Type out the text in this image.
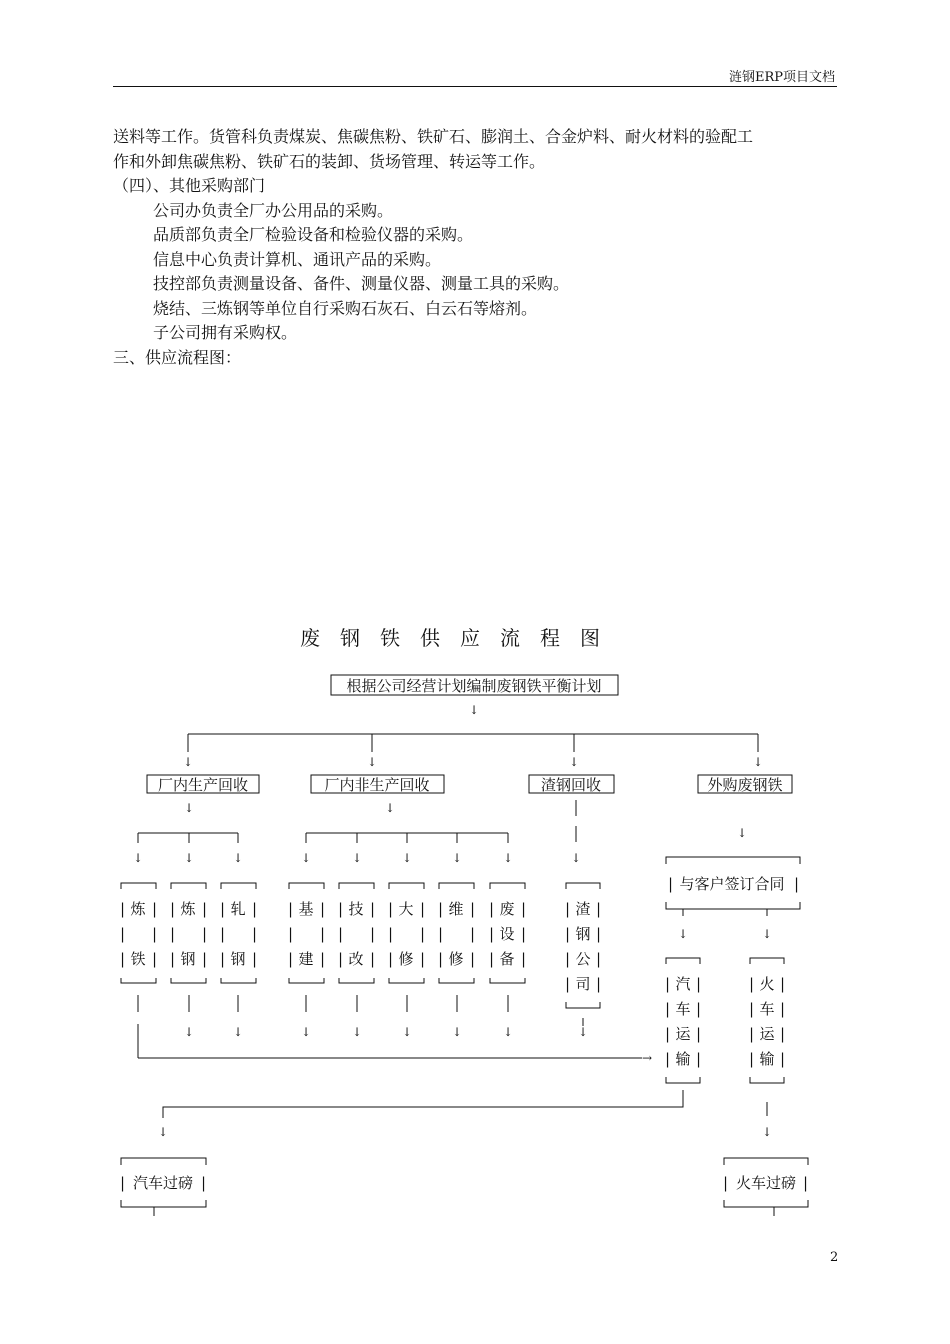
涟钢ERP项目文档

送料等工作。货管科负责煤炭、焦碳焦粉、铁矿石、膨润土、合金炉料、耐火材料的验配工

作和外卸焦碳焦粉、铁矿石的装卸、货场管理、转运等工作。

（四）、其他采购部门

公司办负责全厂办公用品的采购。

品质部负责全厂检验设备和检验仪器的采购。

信息中心负责计算机、通讯产品的采购。

技控部负责测量设备、备件、测量仪器、测量工具的采购。

烧结、三炼钢等单位自行采购石灰石、白云石等熔剂。

子公司拥有采购权。

三、供应流程图：

废钢铁供应流程图
根据公司经营计划编制废钢铁平衡计划
↓
↓	↓	↓	↓
厂内生产回收	厂内非生产回收	渣钢回收	外购废钢铁
↓	↓
↓
↓
↓	↓	↓	↓	↓	↓	↓	↓
| 与客户签订合同 |
↓	↓
| |
| |
| |
炼
铁
| |
| |
| |
炼
钢
| |
| |
| |
轧
钢
| |
| |
| |
基
建
| |
| |
| |
技
改
| |
| |
| |
大
修
| |
| |
| |
维
修
| |
| |
| |
废
设
备
| |
| |
| |
| |
渣
钢
公
司	| |
| |
| |
| |
汽
车
运
输
| |
| |
| |
| |
火
车
运
输
→
↓	↓	↓	↓	↓	↓	↓	↓
↓	↓
|	|
汽车过磅	|	|
火车过磅
2
